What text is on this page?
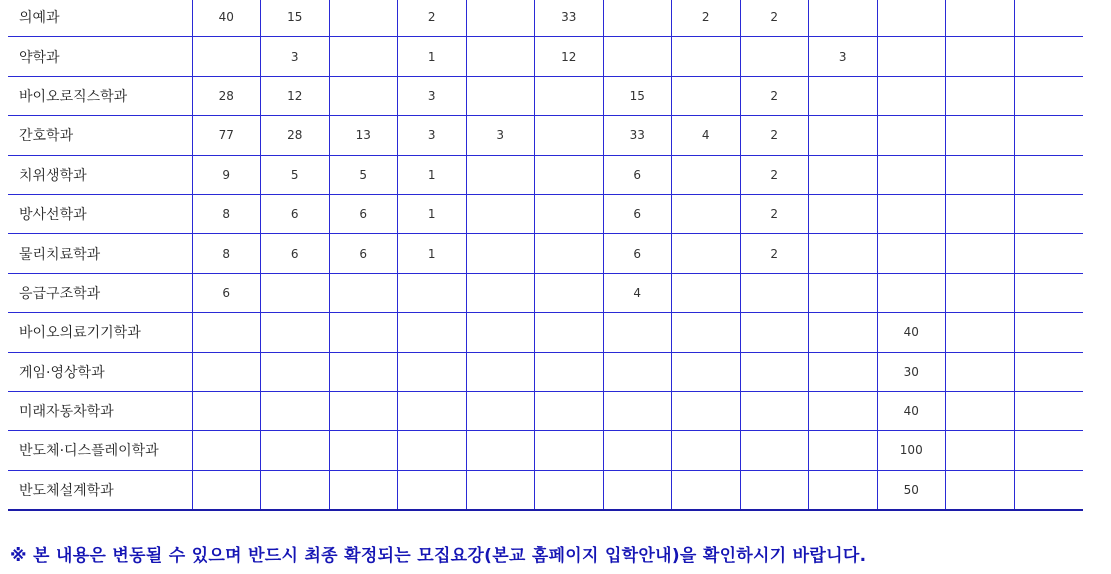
의예과	40	15		2		33		2	2				
약학과		3		1		12				3			
바이오로직스학과	28	12		3			15		2				
간호학과	77	28	13	3	3		33	4	2				
치위생학과	9	5	5	1			6		2				
방사선학과	8	6	6	1			6		2				
물리치료학과	8	6	6	1			6		2				
응급구조학과	6						4						
바이오의료기기학과											40		
게임·영상학과											30		
미래자동차학과											40		
반도체·디스플레이학과											100		
반도체설계학과											50		
※ 본 내용은 변동될 수 있으며 반드시 최종 확정되는 모집요강(본교 홈페이지 입학안내)을 확인하시기 바랍니다.
